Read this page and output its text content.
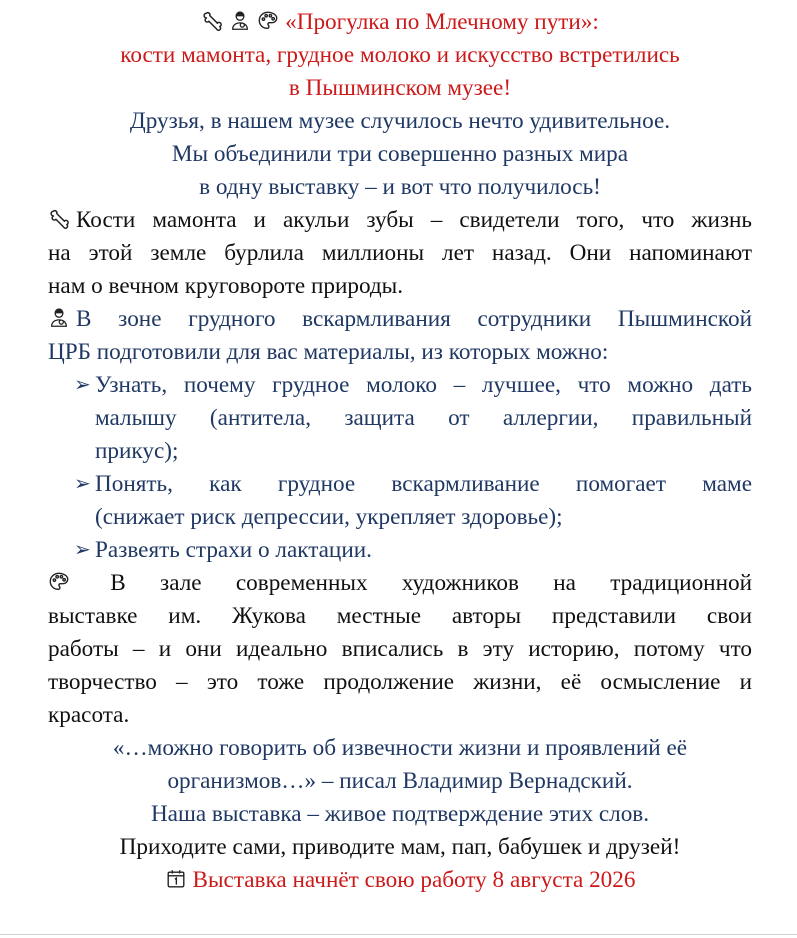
«Прогулка по Млечному пути»:
кости мамонта, грудное молоко и искусство встретились
в Пышминском музее!
Друзья, в нашем музее случилось нечто удивительное.
Мы объединили три совершенно разных мира
в одну выставку – и вот что получилось!
Кости мамонта и акульи зубы – свидетели того, что жизнь
на этой земле бурлила миллионы лет назад. Они напоминают
нам о вечном круговороте природы.
В зоне грудного вскармливания сотрудники Пышминской
ЦРБ подготовили для вас материалы, из которых можно:
➢ Узнать, почему грудное молоко – лучшее, что можно дать
малышу (антитела, защита от аллергии, правильный
прикус);
➢ Понять, как грудное вскармливание помогает маме
(снижает риск депрессии, укрепляет здоровье);
➢ Развеять страхи о лактации.
В зале современных художников на традиционной
выставке им. Жукова местные авторы представили свои
работы – и они идеально вписались в эту историю, потому что
творчество – это тоже продолжение жизни, её осмысление и
красота.
«…можно говорить об извечности жизни и проявлений её
организмов…» – писал Владимир Вернадский.
Наша выставка – живое подтверждение этих слов.
Приходите сами, приводите мам, пап, бабушек и друзей!
Выставка начнёт свою работу 8 августа 2026
